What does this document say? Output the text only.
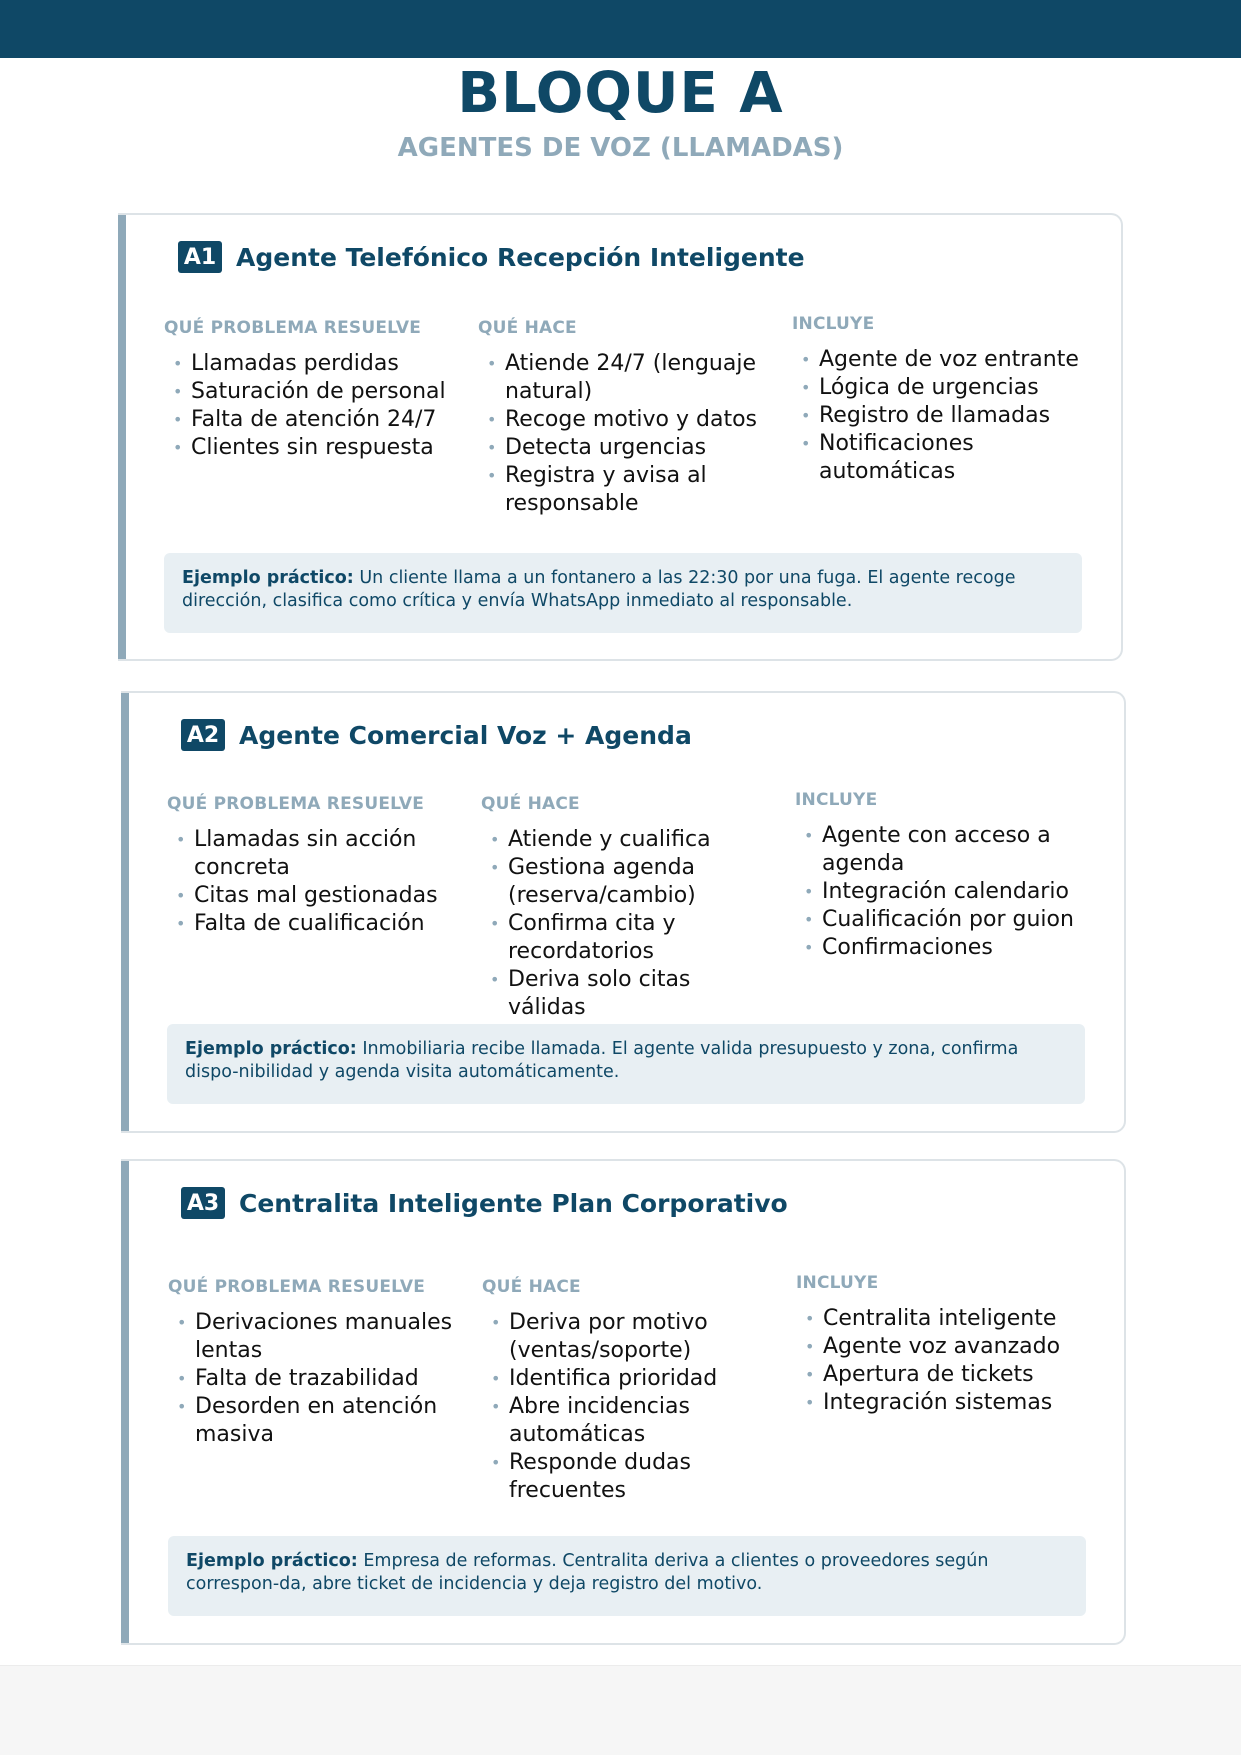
BLOQUE A
AGENTES DE VOZ (LLAMADAS)
A1 Agente Telefónico Recepción Inteligente
QUÉ PROBLEMA RESUELVE
• Llamadas perdidas
• Saturación de personal
• Falta de atención 24/7
• Clientes sin respuesta
QUÉ HACE
• Atiende 24/7 (lenguaje natural)
• Recoge motivo y datos
• Detecta urgencias
• Registra y avisa al responsable
INCLUYE
• Agente de voz entrante
• Lógica de urgencias
• Registro de llamadas
• Notificaciones automáticas
Ejemplo práctico: Un cliente llama a un fontanero a las 22:30 por una fuga. El agente recoge dirección, clasifica como crítica y envía WhatsApp inmediato al responsable.
A2 Agente Comercial Voz + Agenda
QUÉ PROBLEMA RESUELVE
• Llamadas sin acción concreta
• Citas mal gestionadas
• Falta de cualificación
QUÉ HACE
• Atiende y cualifica
• Gestiona agenda (reserva/cambio)
• Confirma cita y recordatorios
• Deriva solo citas válidas
INCLUYE
• Agente con acceso a agenda
• Integración calendario
• Cualificación por guion
• Confirmaciones
Ejemplo práctico: Inmobiliaria recibe llamada. El agente valida presupuesto y zona, confirma dispo-nibilidad y agenda visita automáticamente.
A3 Centralita Inteligente Plan Corporativo
QUÉ PROBLEMA RESUELVE
• Derivaciones manuales lentas
• Falta de trazabilidad
• Desorden en atención masiva
QUÉ HACE
• Deriva por motivo (ventas/soporte)
• Identifica prioridad
• Abre incidencias automáticas
• Responde dudas frecuentes
INCLUYE
• Centralita inteligente
• Agente voz avanzado
• Apertura de tickets
• Integración sistemas
Ejemplo práctico: Empresa de reformas. Centralita deriva a clientes o proveedores según correspon-da, abre ticket de incidencia y deja registro del motivo.
